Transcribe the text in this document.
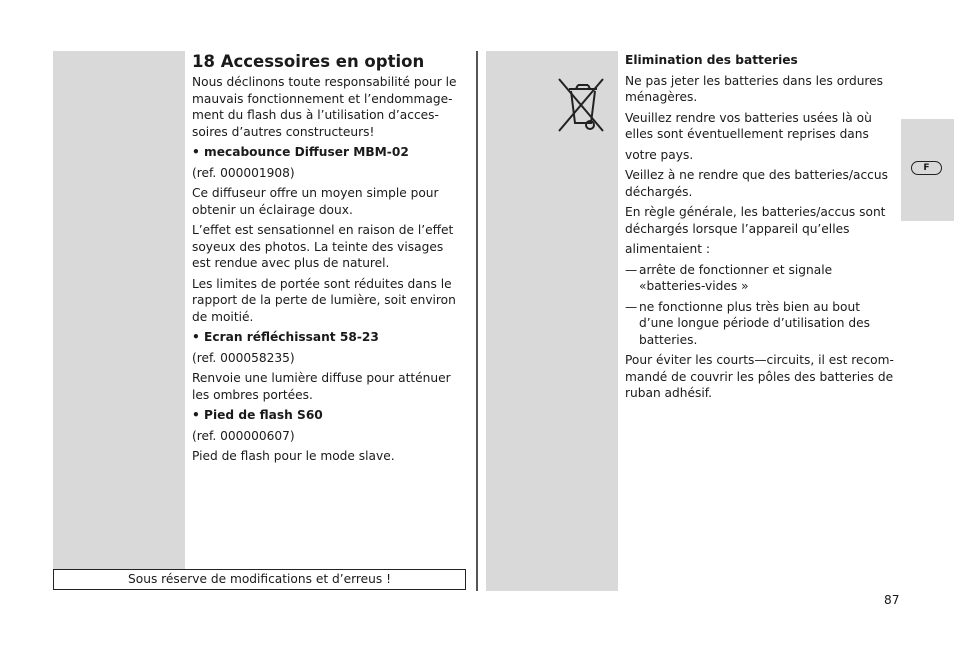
18 Accessoires en option

Nous déclinons toute responsabilité pour le mauvais fonctionnement et l’endommage-ment du flash dus à l’utilisation d’acces-soires d’autres constructeurs!

• mecabounce Diffuser MBM-02

(ref. 000001908)

Ce diffuseur offre un moyen simple pour obtenir un éclairage doux.

L’effet est sensationnel en raison de l’effet soyeux des photos. La teinte des visages est rendue avec plus de naturel.

Les limites de portée sont réduites dans le rapport de la perte de lumière, soit environ de moitié.

• Ecran réfléchissant 58-23

(ref. 000058235)

Renvoie une lumière diffuse pour atténuer les ombres portées.

• Pied de flash S60

(ref. 000000607)

Pied de flash pour le mode slave.

Sous réserve de modifications et d’erreus !
Elimination des batteries

Ne pas jeter les batteries dans les ordures ménagères.

Veuillez rendre vos batteries usées là où elles sont éventuellement reprises dans

votre pays.

Veillez à ne rendre que des batteries/accus déchargés.

En règle générale, les batteries/accus sont déchargés lorsque l’appareil qu’elles

alimentaient :

— arrête de fonctionner et signale «batteries-vides »
— ne fonctionne plus très bien au bout d’une longue période d’utilisation des batteries.

Pour éviter les courts—circuits, il est recom-mandé de couvrir les pôles des batteries de ruban adhésif.

F
87
